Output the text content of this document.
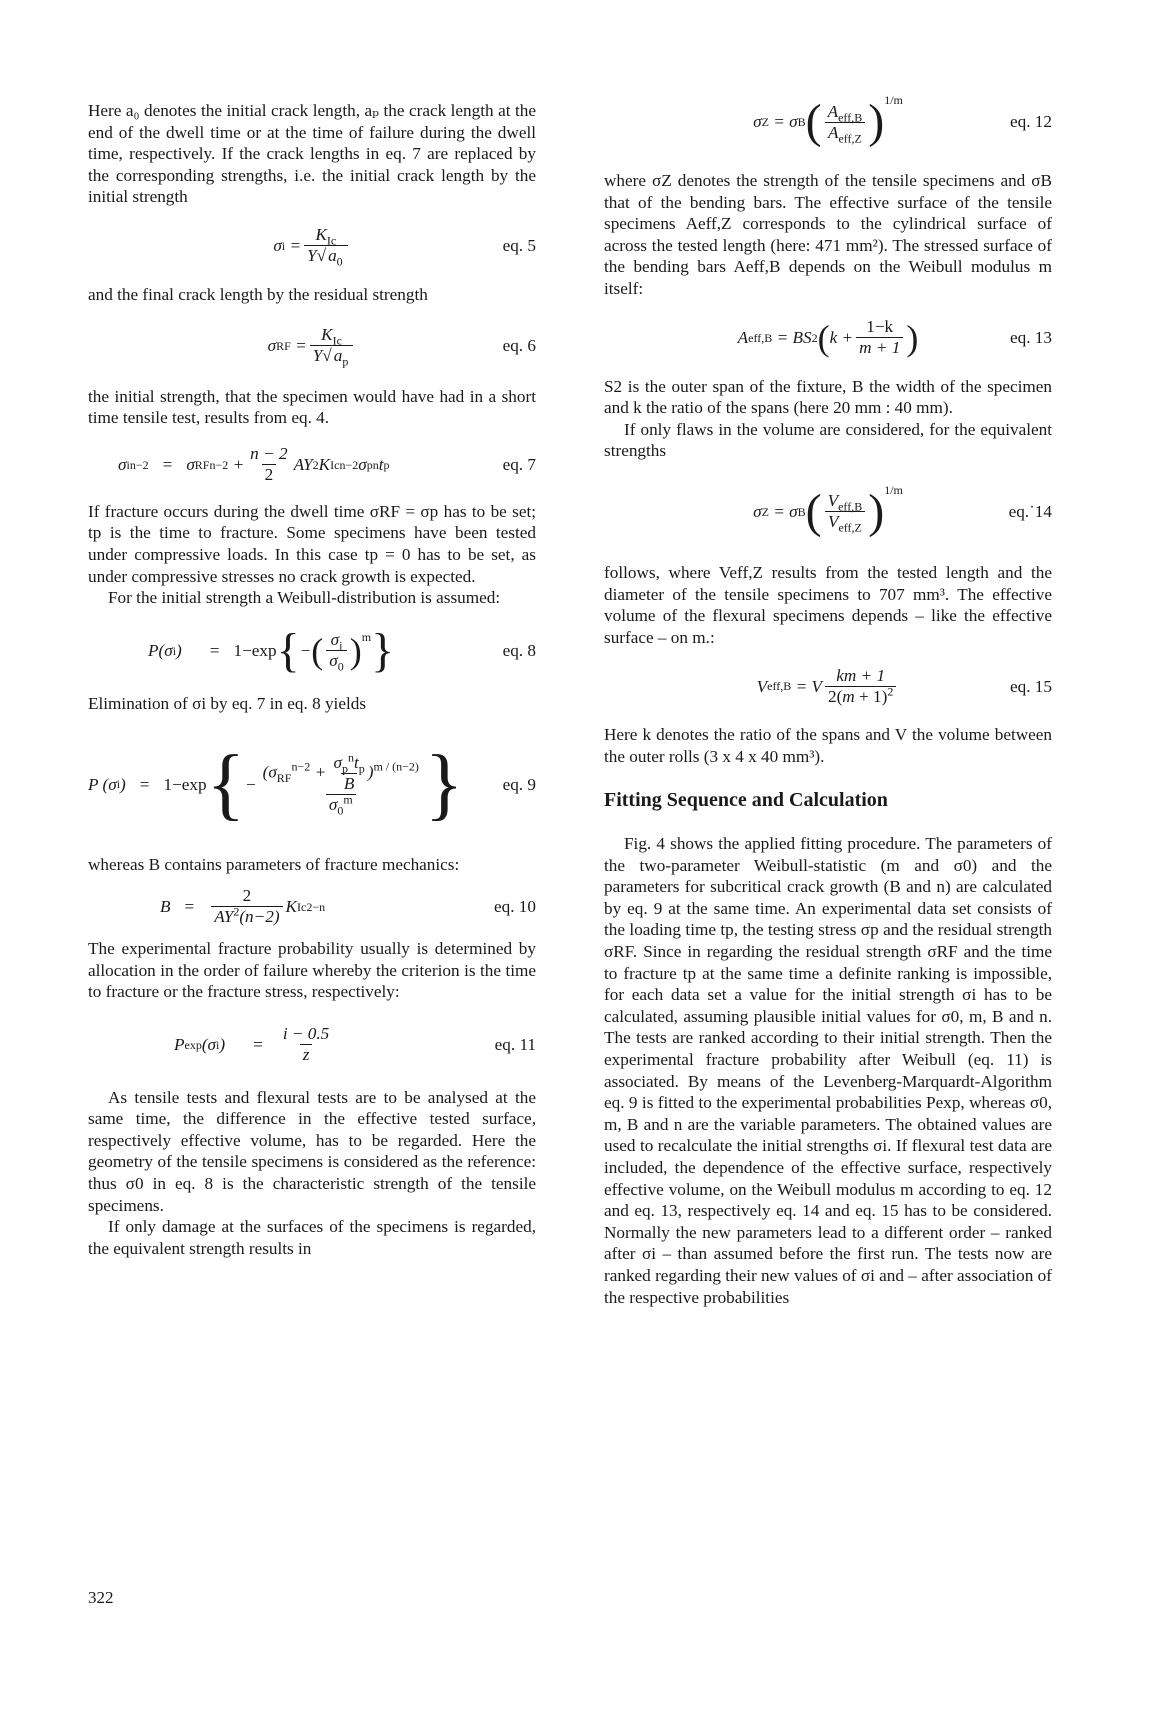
Here a₀ denotes the initial crack length, aₚ the crack length at the end of the dwell time or at the time of failure during the dwell time, respectively. If the crack lengths in eq. 7 are replaced by the corresponding strengths, i.e. the initial crack length by the initial strength

σ $i = \frac{K_{Ic}}{Y√ a_0}$	eq. 5

and the final crack length by the residual strength

σ RF = $\frac{K_{Ic}}{Y√ a_p}$	eq. 6

the initial strength, that the specimen would have had in a short time tensile test, results from eq. 4.

σ i n−2 = σ RF $n-2 + \frac{n - 2}{2}$ AY 2 K Ic n−2 σ p n t p	eq. 7

If fracture occurs during the dwell time σRF = σp has to be set; tp is the time to fracture. Some specimens have been tested under compressive loads. In this case tp = 0 has to be set, as under compressive stresses no crack growth is expected.

For the initial strength a Weibull-distribution is assumed:

P(σ i ) = 1−exp { − ( $\frac{\sigma_i}{\sigma_0} )^m$ }	eq. 8

Elimination of σi by eq. 7 in eq. 8 yields

P (σ i ) = 1−exp { − $\frac{(\sigma_{RF}^{n-2} + \frac{\sigma_p^nt_p}{B} )^{m / (n-2)}}{\sigma_0^m}$ } eq. 9

whereas B contains parameters of fracture mechanics:

$B = \frac{2}{AY^2(n-2)}$ K Ic 2−n	eq. 10

The experimental fracture probability usually is determined by allocation in the order of failure whereby the criterion is the time to fracture or the fracture stress, respectively:

P exp (σ i ) = $\frac{i - 0.5}{z}$	eq. 11

As tensile tests and flexural tests are to be analysed at the same time, the difference in the effective tested surface, respectively effective volume, has to be regarded. Here the geometry of the tensile specimens is considered as the reference: thus σ0 in eq. 8 is the characteristic strength of the tensile specimens.

If only damage at the surfaces of the specimens is regarded, the equivalent strength results in

σ Z = σ B ( $\frac{A_{eff,B}}{A_{eff,Z}} )^{1/m}$
eq. 12

where σZ denotes the strength of the tensile specimens and σB that of the bending bars. The effective surface of the tensile specimens Aeff,Z corresponds to the cylindrical surface of across the tested length (here: 471 mm²). The stressed surface of the bending bars Aeff,B depends on the Weibull modulus m itself:

A eff,B = BS 2 ( $k + \frac{1-k}{m + 1}$ )	eq. 13

S2 is the outer span of the fixture, B the width of the specimen and k the ratio of the spans (here 20 mm : 40 mm).

If only flaws in the volume are considered, for the equivalent strengths

σ Z = σ B ( $\frac{V_{eff,B}}{V_{eff,Z}} )^{1/m}$
eq.˙14

follows, where Veff,Z results from the tested length and the diameter of the tensile specimens to 707 mm³. The effective volume of the flexural specimens depends – like the effective surface – on m.:

V eff,B = V $\frac{km + 1}{2(m + 1)^2}$	eq. 15

Here k denotes the ratio of the spans and V the volume between the outer rolls (3 x 4 x 40 mm³).

Fitting Sequence and Calculation

Fig. 4 shows the applied fitting procedure. The parameters of the two-parameter Weibull-statistic (m and σ0) and the parameters for subcritical crack growth (B and n) are calculated by eq. 9 at the same time. An experimental data set consists of the loading time tp, the testing stress σp and the residual strength σRF. Since in regarding the residual strength σRF and the time to fracture tp at the same time a definite ranking is impossible, for each data set a value for the initial strength σi has to be calculated, assuming plausible initial values for σ0, m, B and n. The tests are ranked according to their initial strength. Then the experimental fracture probability after Weibull (eq. 11) is associated. By means of the Levenberg-Marquardt-Algorithm eq. 9 is fitted to the experimental probabilities Pexp, whereas σ0, m, B and n are the variable parameters. The obtained values are used to recalculate the initial strengths σi. If flexural test data are included, the dependence of the effective surface, respectively effective volume, on the Weibull modulus m according to eq. 12 and eq. 13, respectively eq. 14 and eq. 15 has to be considered. Normally the new parameters lead to a different order – ranked after σi – than assumed before the first run. The tests now are ranked regarding their new values of σi and – after association of the respective probabilities

322
